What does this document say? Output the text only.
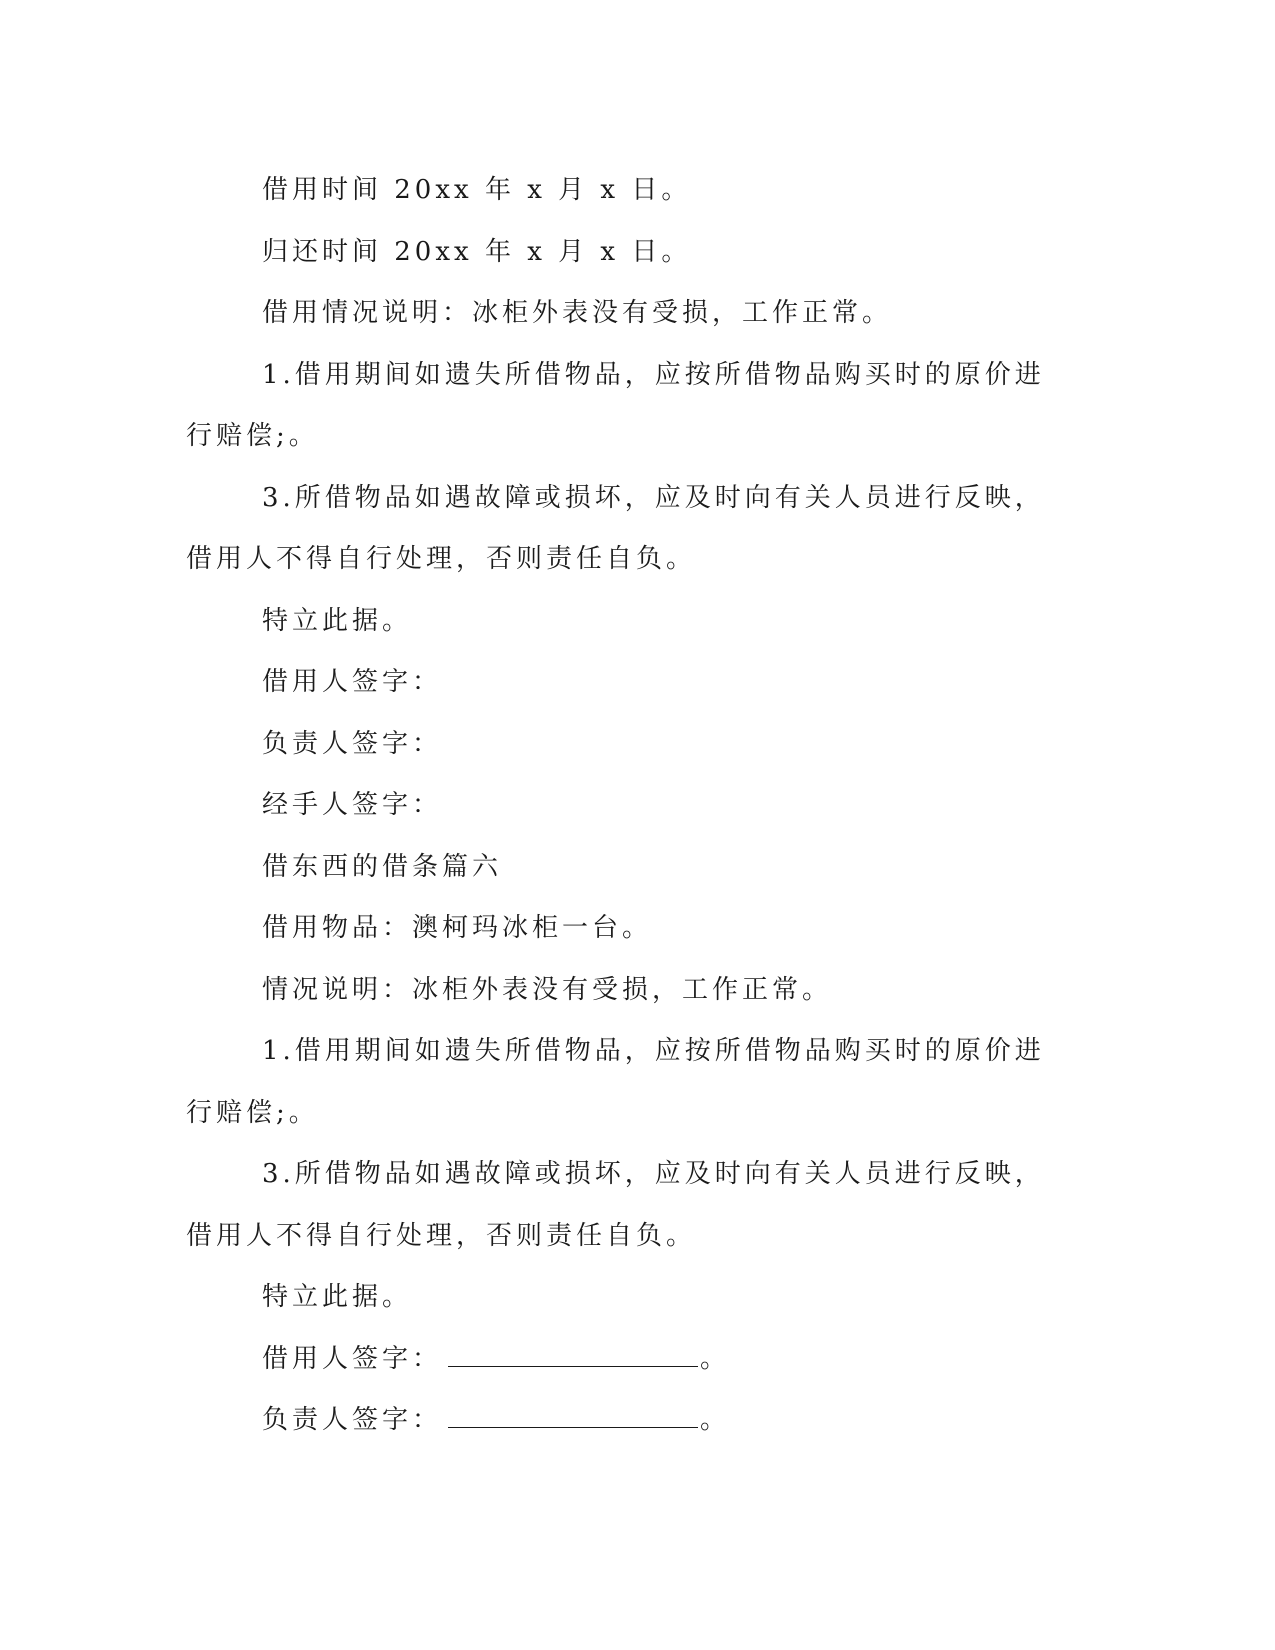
借用时间 20xx 年 x 月 x 日。

归还时间 20xx 年 x 月 x 日。

借用情况说明：冰柜外表没有受损，工作正常。

1.借用期间如遗失所借物品，应按所借物品购买时的原价进行赔偿;。

3.所借物品如遇故障或损坏，应及时向有关人员进行反映，借用人不得自行处理，否则责任自负。

特立此据。

借用人签字：

负责人签字：

经手人签字：

借东西的借条篇六

借用物品：澳柯玛冰柜一台。

情况说明：冰柜外表没有受损，工作正常。

1.借用期间如遗失所借物品，应按所借物品购买时的原价进行赔偿;。

3.所借物品如遇故障或损坏，应及时向有关人员进行反映，借用人不得自行处理，否则责任自负。

特立此据。

借用人签字：	。

负责人签字：	。
